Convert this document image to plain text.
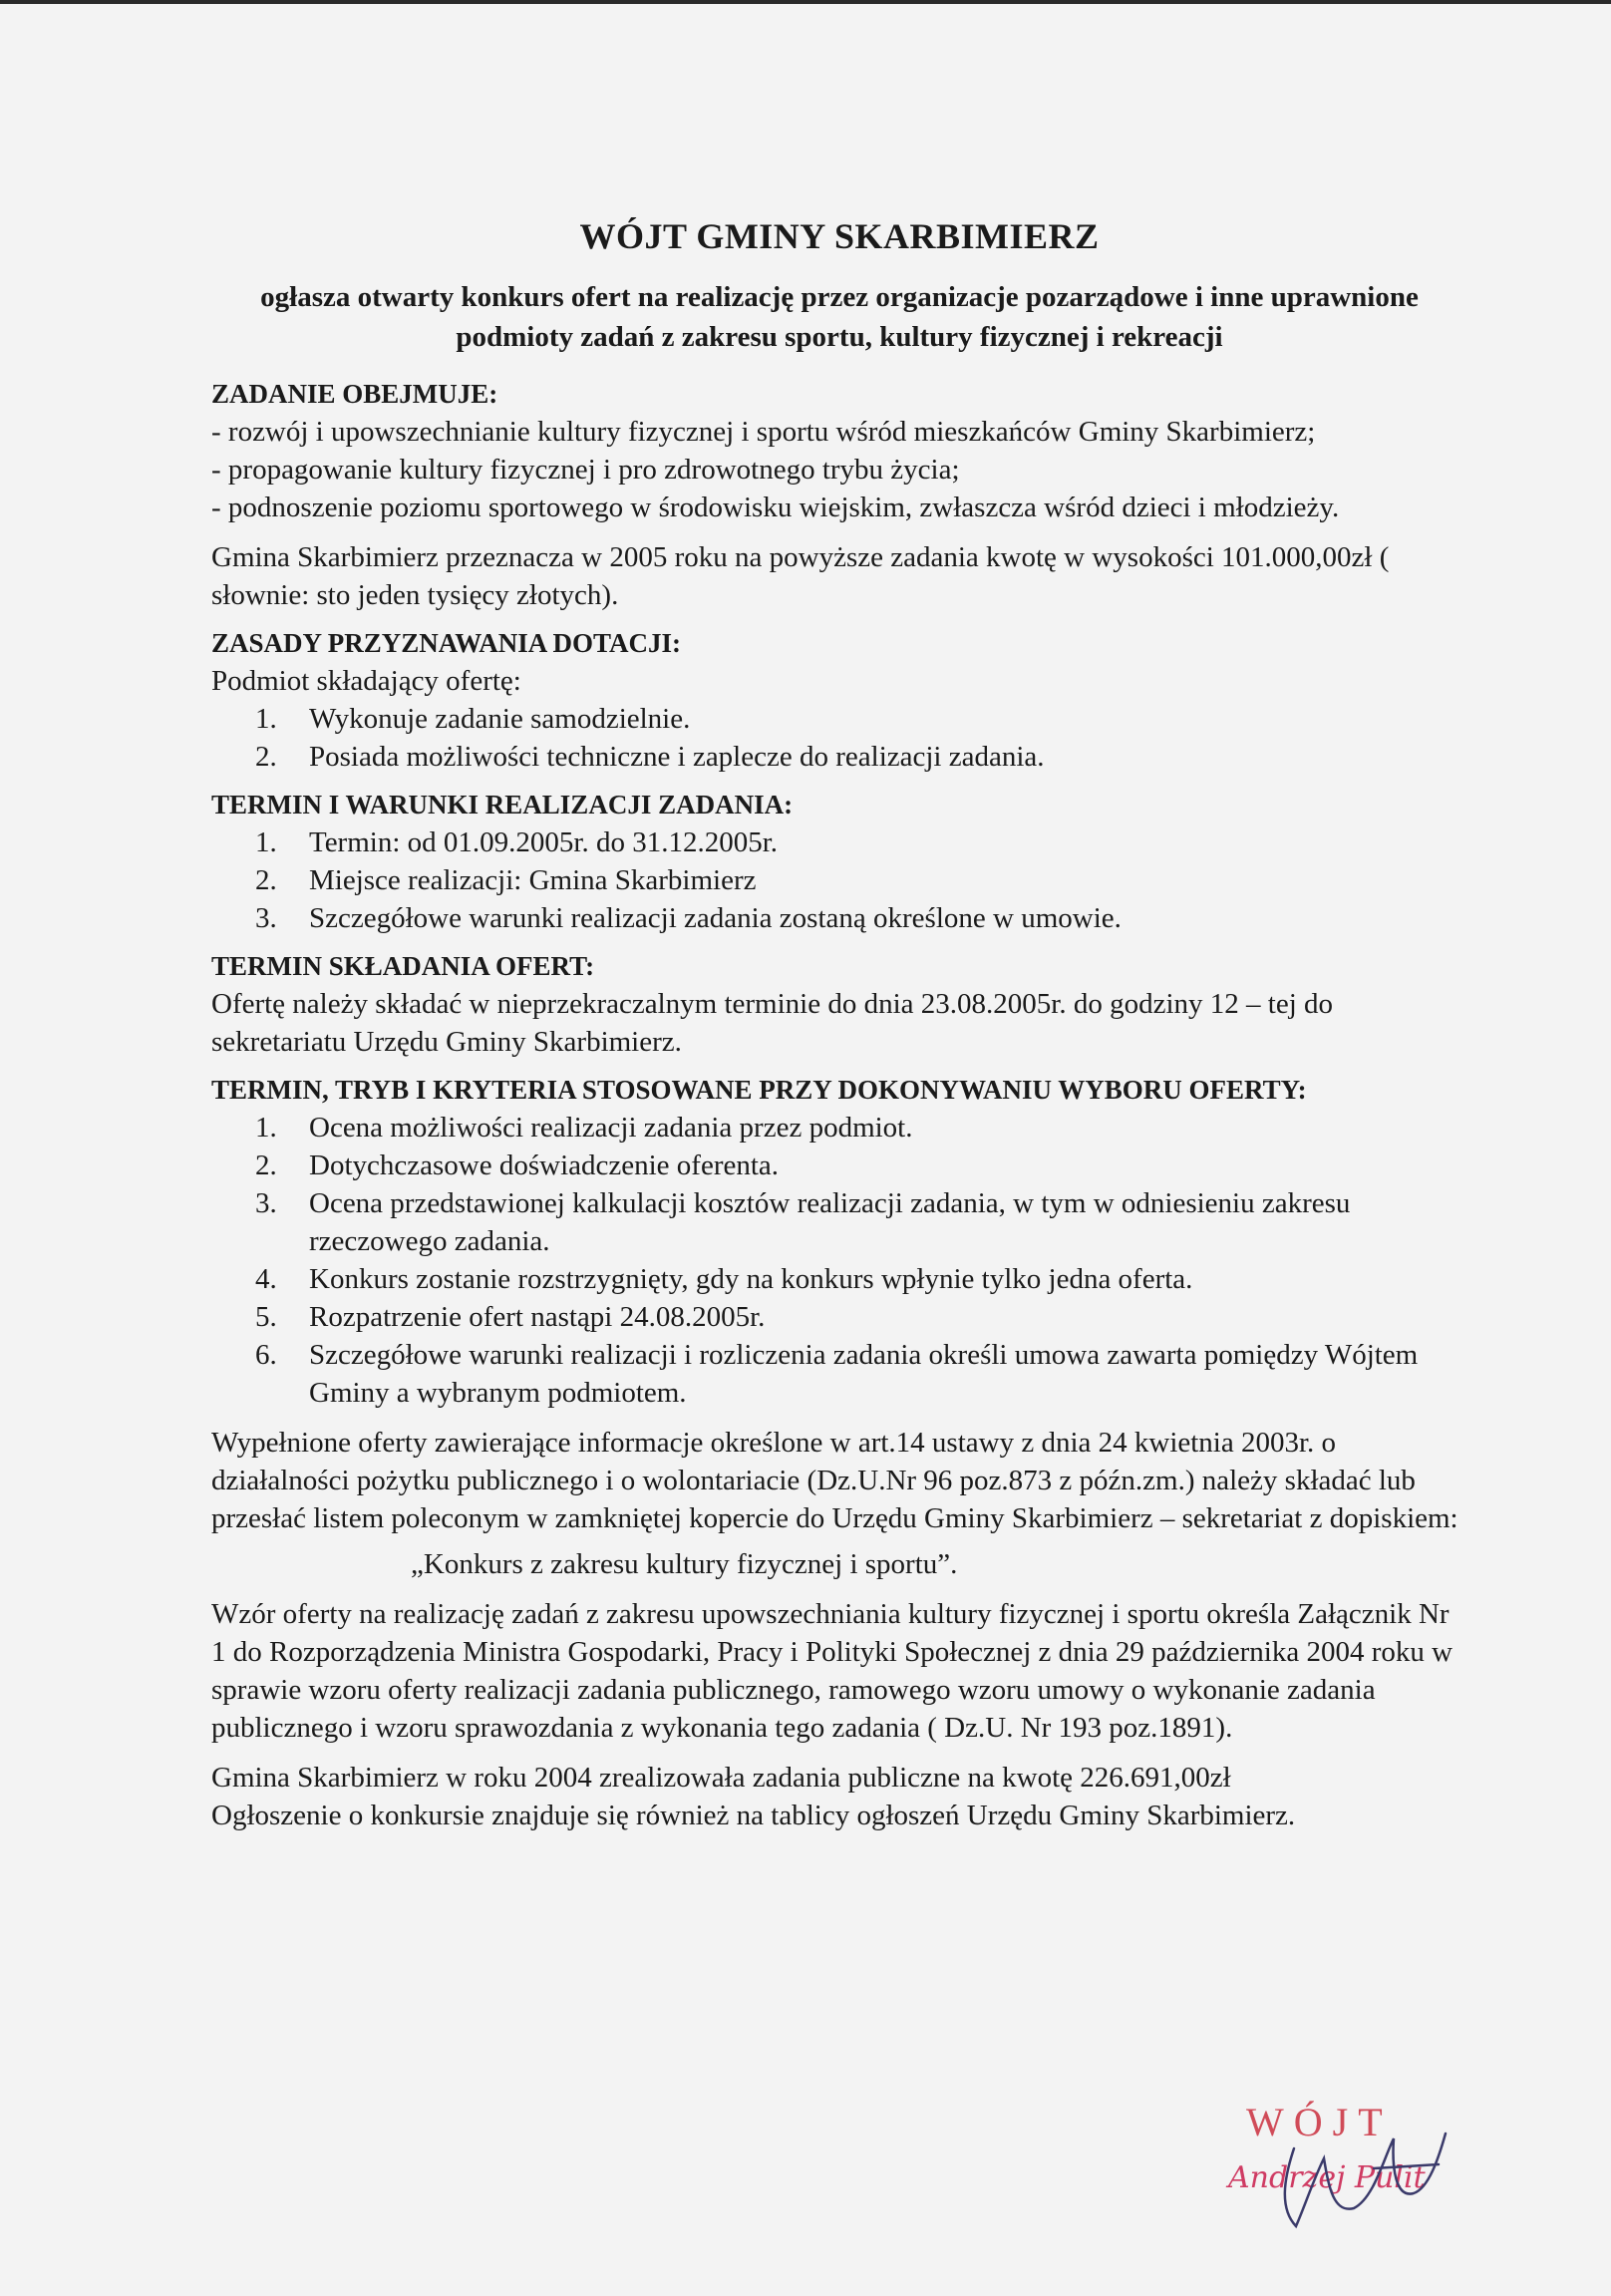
WÓJT GMINY SKARBIMIERZ
ogłasza otwarty konkurs ofert na realizację przez organizacje pozarządowe i inne uprawnione podmioty zadań z zakresu sportu, kultury fizycznej i rekreacji
ZADANIE OBEJMUJE:
- rozwój i upowszechnianie kultury fizycznej i sportu wśród mieszkańców Gminy Skarbimierz;
- propagowanie kultury fizycznej i pro zdrowotnego trybu życia;
- podnoszenie poziomu sportowego w środowisku wiejskim, zwłaszcza wśród dzieci i młodzieży.
Gmina Skarbimierz przeznacza w 2005 roku na powyższe zadania kwotę w wysokości 101.000,00zł ( słownie: sto jeden tysięcy złotych).
ZASADY PRZYZNAWANIA DOTACJI:
Podmiot składający ofertę:
1. Wykonuje zadanie samodzielnie.
2. Posiada możliwości techniczne i zaplecze do realizacji zadania.
TERMIN I WARUNKI REALIZACJI ZADANIA:
1. Termin: od 01.09.2005r. do 31.12.2005r.
2. Miejsce realizacji: Gmina Skarbimierz
3. Szczegółowe warunki realizacji zadania zostaną określone w umowie.
TERMIN SKŁADANIA OFERT:
Ofertę należy składać w nieprzekraczalnym terminie do dnia 23.08.2005r. do godziny 12 – tej do sekretariatu Urzędu Gminy Skarbimierz.
TERMIN, TRYB I KRYTERIA STOSOWANE PRZY DOKONYWANIU WYBORU OFERTY:
1. Ocena możliwości realizacji zadania przez podmiot.
2. Dotychczasowe doświadczenie oferenta.
3. Ocena przedstawionej kalkulacji kosztów realizacji zadania, w tym w odniesieniu zakresu rzeczowego zadania.
4. Konkurs zostanie rozstrzygnięty, gdy na konkurs wpłynie tylko jedna oferta.
5. Rozpatrzenie ofert nastąpi 24.08.2005r.
6. Szczegółowe warunki realizacji i rozliczenia zadania określi umowa zawarta pomiędzy Wójtem Gminy a wybranym podmiotem.
Wypełnione oferty zawierające informacje określone w art.14 ustawy z dnia 24 kwietnia 2003r. o działalności pożytku publicznego i o wolontariacie (Dz.U.Nr 96 poz.873 z późn.zm.) należy składać lub przesłać listem poleconym w zamkniętej kopercie do Urzędu Gminy Skarbimierz – sekretariat z dopiskiem:
„Konkurs z zakresu kultury fizycznej i sportu”.
Wzór oferty na realizację zadań z zakresu upowszechniania kultury fizycznej i sportu określa Załącznik Nr 1 do Rozporządzenia Ministra Gospodarki, Pracy i Polityki Społecznej z dnia 29 października 2004 roku w sprawie wzoru oferty realizacji zadania publicznego, ramowego wzoru umowy o wykonanie zadania publicznego i wzoru sprawozdania z wykonania tego zadania ( Dz.U. Nr 193 poz.1891).
Gmina Skarbimierz w roku 2004 zrealizowała zadania publiczne na kwotę 226.691,00zł
Ogłoszenie o konkursie znajduje się również na tablicy ogłoszeń Urzędu Gminy Skarbimierz.
WÓJT
Andrzej Pulit
